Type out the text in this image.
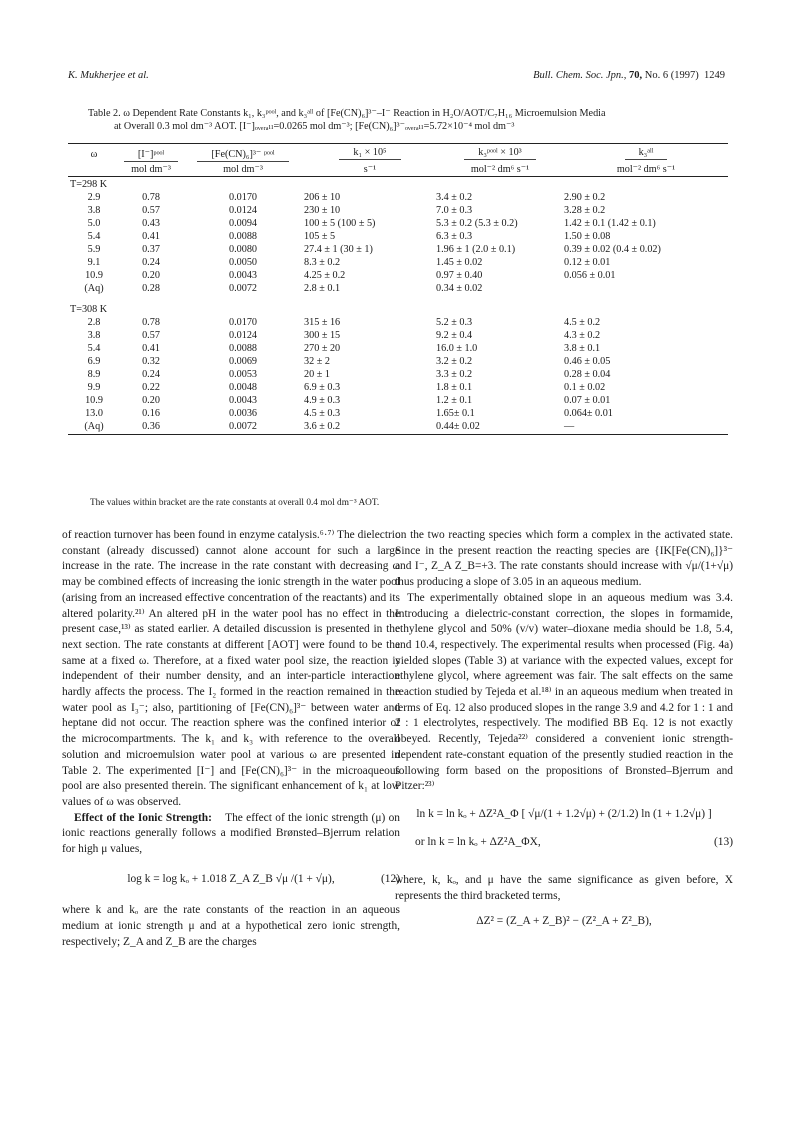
K. Mukherjee et al.	Bull. Chem. Soc. Jpn., 70, No. 6 (1997) 1249
Table 2. ω Dependent Rate Constants k₁, k₃ᵖᵒᵒˡ, and k₃ᵃˡˡ of [Fe(CN)₆]³⁻–I⁻ Reaction in H₂O/AOT/C₇H₁₆ Microemulsion Media
at Overall 0.3 mol dm⁻³ AOT. [I⁻]ₒᵥₑᵣₐₗₗ=0.0265 mol dm⁻³; [Fe(CN)₆]³⁻ₒᵥₑᵣₐₗₗ=5.72×10⁻⁴ mol dm⁻³
ω	[I⁻]ᵖᵒᵒˡ	[Fe(CN)₆]³⁻ ᵖᵒᵒˡ	k₁ × 10⁵	k₃ᵖᵒᵒˡ × 10³	k₃ᵃˡˡ
	mol dm⁻³	mol dm⁻³	s⁻¹	mol⁻² dm⁶ s⁻¹	mol⁻² dm⁶ s⁻¹
T=298 K					
2.9	0.78	0.0170	206 ± 10	3.4 ± 0.2	2.90 ± 0.2
3.8	0.57	0.0124	230 ± 10	7.0 ± 0.3	3.28 ± 0.2
5.0	0.43	0.0094	100 ± 5 (100 ± 5)	5.3 ± 0.2 (5.3 ± 0.2)	1.42 ± 0.1 (1.42 ± 0.1)
5.4	0.41	0.0088	105 ± 5	6.3 ± 0.3	1.50 ± 0.08
5.9	0.37	0.0080	27.4 ± 1 (30 ± 1)	1.96 ± 1 (2.0 ± 0.1)	0.39 ± 0.02 (0.4 ± 0.02)
9.1	0.24	0.0050	8.3 ± 0.2	1.45 ± 0.02	0.12 ± 0.01
10.9	0.20	0.0043	4.25 ± 0.2	0.97 ± 0.40	0.056 ± 0.01
(Aq)	0.28	0.0072	2.8 ± 0.1	0.34 ± 0.02	

T=308 K					
2.8	0.78	0.0170	315 ± 16	5.2 ± 0.3	4.5 ± 0.2
3.8	0.57	0.0124	300 ± 15	9.2 ± 0.4	4.3 ± 0.2
5.4	0.41	0.0088	270 ± 20	16.0 ± 1.0	3.8 ± 0.1
6.9	0.32	0.0069	32 ± 2	3.2 ± 0.2	0.46 ± 0.05
8.9	0.24	0.0053	20 ± 1	3.3 ± 0.2	0.28 ± 0.04
9.9	0.22	0.0048	6.9 ± 0.3	1.8 ± 0.1	0.1 ± 0.02
10.9	0.20	0.0043	4.9 ± 0.3	1.2 ± 0.1	0.07 ± 0.01
13.0	0.16	0.0036	4.5 ± 0.3	1.65± 0.1	0.064± 0.01
(Aq)	0.36	0.0072	3.6 ± 0.2	0.44± 0.02	—
The values within bracket are the rate constants at overall 0.4 mol dm⁻³ AOT.

of reaction turnover has been found in enzyme catalysis.⁶·⁷⁾ The dielectric constant (already discussed) cannot alone account for such a large increase in the rate. The increase in the rate constant with decreasing ω may be combined effects of increasing the ionic strength in the water pool (arising from an increased effective concentration of the reactants) and its altered polarity.²¹⁾ An altered pH in the water pool has no effect in the present case,¹³⁾ as stated earlier. A detailed discussion is presented in the next section. The rate constants at different [AOT] were found to be the same at a fixed ω. Therefore, at a fixed water pool size, the reaction is independent of their number density, and an inter-particle interaction hardly affects the process. The I₂ formed in the reaction remained in the water pool as I₃⁻; also, partitioning of [Fe(CN)₆]³⁻ between water and heptane did not occur. The reaction sphere was the confined interior of the microcompartments. The k₁ and k₃ with reference to the overall solution and microemulsion water pool at various ω are presented in Table 2. The experimented [I⁻] and [Fe(CN)₆]³⁻ in the microaqueous pool are also presented therein. The significant enhancement of k₁ at low values of ω was observed.

Effect of the Ionic Strength: The effect of the ionic strength (μ) on ionic reactions generally follows a modified Brønsted–Bjerrum relation for high μ values,

log k = log kₒ + 1.018 Z_A Z_B √μ /(1 + √μ),	(12)

where k and kₒ are the rate constants of the reaction in an aqueous medium at ionic strength μ and at a hypothetical zero ionic strength, respectively; Z_A and Z_B are the charges

on the two reacting species which form a complex in the activated state. Since in the present reaction the reacting species are {IK[Fe(CN)₆]}³⁻ and I⁻, Z_A Z_B=+3. The rate constants should increase with √μ/(1+√μ) thus producing a slope of 3.05 in an aqueous medium.

The experimentally obtained slope in an aqueous medium was 3.4. Introducing a dielectric-constant correction, the slopes in formamide, ethylene glycol and 50% (v/v) water–dioxane media should be 1.8, 5.4, and 10.4, respectively. The experimental results when processed (Fig. 4a) yielded slopes (Table 3) at variance with the expected values, except for ethylene glycol, where agreement was fair. The salt effects on the same reaction studied by Tejeda et al.¹⁸⁾ in an aqueous medium when treated in terms of Eq. 12 also produced slopes in the range 3.9 and 4.2 for 1 : 1 and 2 : 1 electrolytes, respectively. The modified BB Eq. 12 is not exactly obeyed. Recently, Tejeda²²⁾ considered a convenient ionic strength-dependent rate-constant equation of the presently studied reaction in the following form based on the propositions of Bronsted–Bjerrum and Pitzer:²³⁾

ln k = ln kₒ + ΔZ²A_Φ [ √μ/(1 + 1.2√μ) + (2/1.2) ln (1 + 1.2√μ) ]
or ln k = ln kₒ + ΔZ²A_ΦX,	(13)

where, k, kₒ, and μ have the same significance as given before, X represents the third bracketed terms,

ΔZ² = (Z_A + Z_B)² − (Z²_A + Z²_B),
